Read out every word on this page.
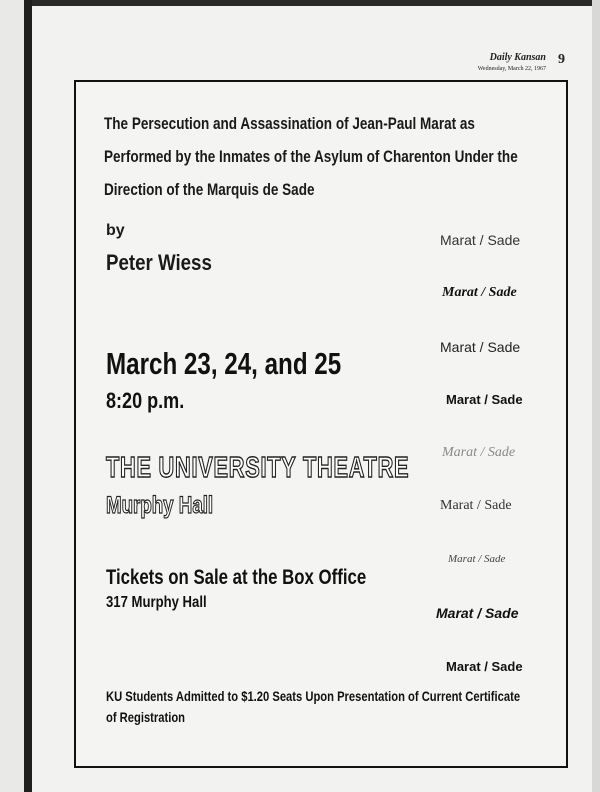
Daily Kansan
Wednesday, March 22, 1967
9
The Persecution and Assassination of Jean-Paul Marat as Performed by the Inmates of the Asylum of Charenton Under the Direction of the Marquis de Sade
by
Peter Wiess
March 23, 24, and 25
8:20 p.m.
THE UNIVERSITY THEATRE
Murphy Hall
Tickets on Sale at the Box Office
317 Murphy Hall
KU Students Admitted to $1.20 Seats Upon Presentation of Current Certificate of Registration
Marat / Sade
Marat / Sade
Marat / Sade
Marat / Sade
Marat / Sade
Marat / Sade
Marat / Sade
Marat / Sade
Marat / Sade
